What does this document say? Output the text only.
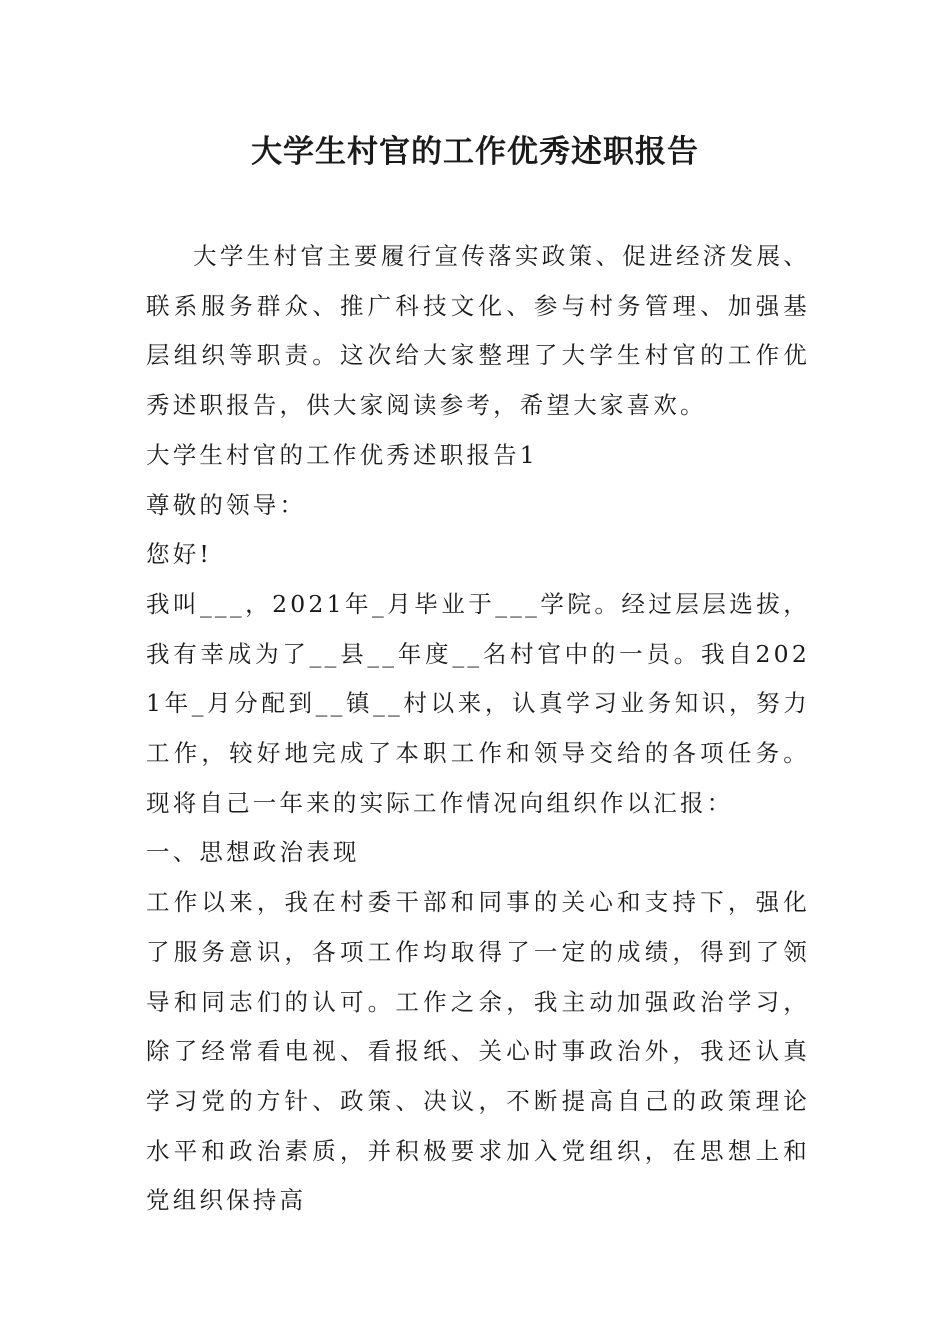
大学生村官的工作优秀述职报告

大学生村官主要履行宣传落实政策、促进经济发展、联系服务群众、推广科技文化、参与村务管理、加强基层组织等职责。这次给大家整理了大学生村官的工作优秀述职报告，供大家阅读参考，希望大家喜欢。

大学生村官的工作优秀述职报告1

尊敬的领导：

您好!

我叫___，2021年_月毕业于___学院。经过层层选拔，我有幸成为了__县__年度__名村官中的一员。我自2021年_月分配到__镇__村以来，认真学习业务知识，努力工作，较好地完成了本职工作和领导交给的各项任务。现将自己一年来的实际工作情况向组织作以汇报：

一、思想政治表现

工作以来，我在村委干部和同事的关心和支持下，强化了服务意识，各项工作均取得了一定的成绩，得到了领导和同志们的认可。工作之余，我主动加强政治学习，除了经常看电视、看报纸、关心时事政治外，我还认真学习党的方针、政策、决议，不断提高自己的政策理论水平和政治素质，并积极要求加入党组织，在思想上和党组织保持高
